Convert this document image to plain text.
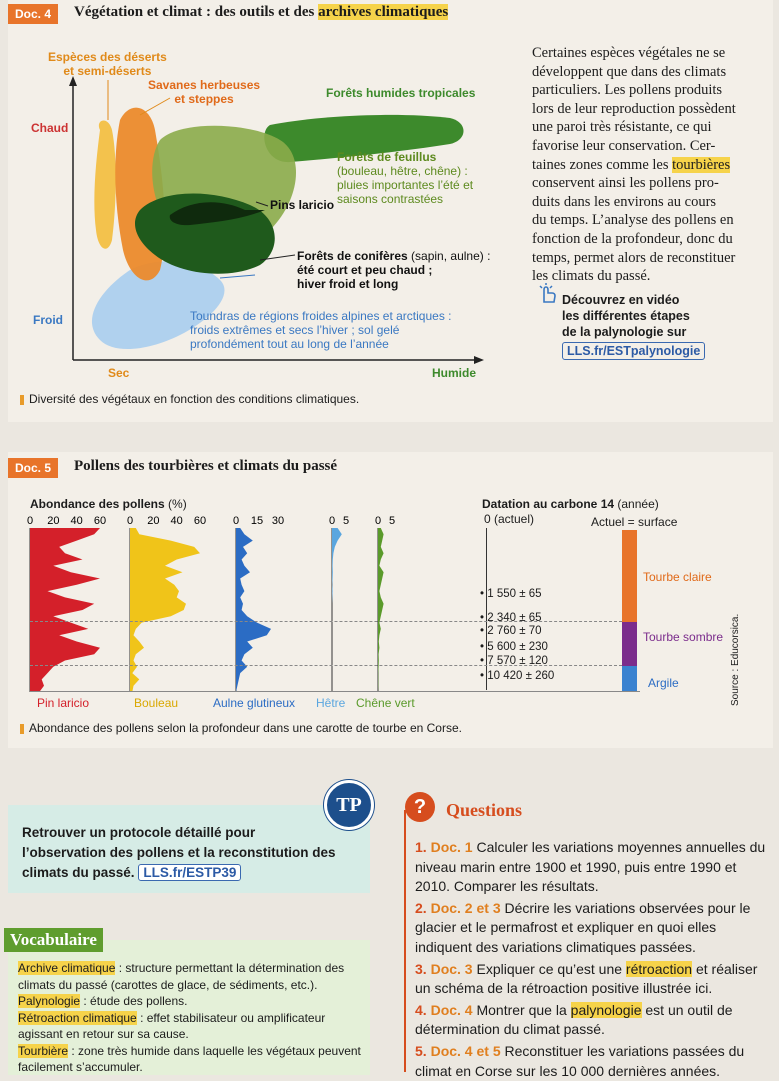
Doc. 4	Végétation et climat : des outils et des archives climatiques
Chaud
Froid
Sec	Humide
Espèces des déserts
et semi-déserts
Savanes herbeuses
et steppes	Forêts humides tropicales
Forêts de feuillus
(bouleau, hêtre, chêne) :
pluies importantes l’été et
saisons contrastées
Pins laricio
Forêts de conifères (sapin, aulne) :
été court et peu chaud ;
hiver froid et long
Toundras de régions froides alpines et arctiques :
froids extrêmes et secs l’hiver ; sol gelé
profondément tout au long de l’année
Diversité des végétaux en fonction des conditions climatiques.
Certaines espèces végétales ne se
développent que dans des climats
particuliers. Les pollens produits
lors de leur reproduction possèdent
une paroi très résistante, ce qui
favorise leur conservation. Cer-
taines zones comme les tourbières
conservent ainsi les pollens pro-
duits dans les environs au cours
du temps. L’analyse des pollens en
fonction de la profondeur, donc du
temps, permet alors de reconstituer
les climats du passé.
Découvrez en vidéo
les différentes étapes
de la palynologie sur
LLS.fr/ESTpalynologie
Doc. 5	Pollens des tourbières et climats du passé
Abondance des pollens (%)	Datation au carbone 14 (année)
0 (actuel)	Actuel = surface
0 20 40 60 0 20 40 60 0 15 30	0 5 0 5
Pin laricio	Bouleau	Aulne glutineux Hêtre Chêne vert
• 1 550 ± 65
• 2 340 ± 65
• 2 760 ± 70
• 5 600 ± 230
• 7 570 ± 120
• 10 420 ± 260
Tourbe claire
Tourbe sombre
Argile	Source : Educorsica.
Abondance des pollens selon la profondeur dans une carotte de tourbe en Corse.
TP
Retrouver un protocole détaillé pour
l’observation des pollens et la reconstitution des
climats du passé. LLS.fr/ESTP39
Vocabulaire
Archive climatique : structure permettant la détermination des
climats du passé (carottes de glace, de sédiments, etc.).
Palynologie : étude des pollens.
Rétroaction climatique : effet stabilisateur ou amplificateur
agissant en retour sur sa cause.
Tourbière : zone très humide dans laquelle les végétaux peuvent
facilement s’accumuler.
?	Questions
1. Doc. 1 Calculer les variations moyennes annuelles du
niveau marin entre 1900 et 1990, puis entre 1990 et
2010. Comparer les résultats.
2. Doc. 2 et 3 Décrire les variations observées pour le
glacier et le permafrost et expliquer en quoi elles
indiquent des variations climatiques passées.
3. Doc. 3 Expliquer ce qu’est une rétroaction et réaliser
un schéma de la rétroaction positive illustrée ici.
4. Doc. 4 Montrer que la palynologie est un outil de
détermination du climat passé.
5. Doc. 4 et 5 Reconstituer les variations passées du
climat en Corse sur les 10 000 dernières années.
